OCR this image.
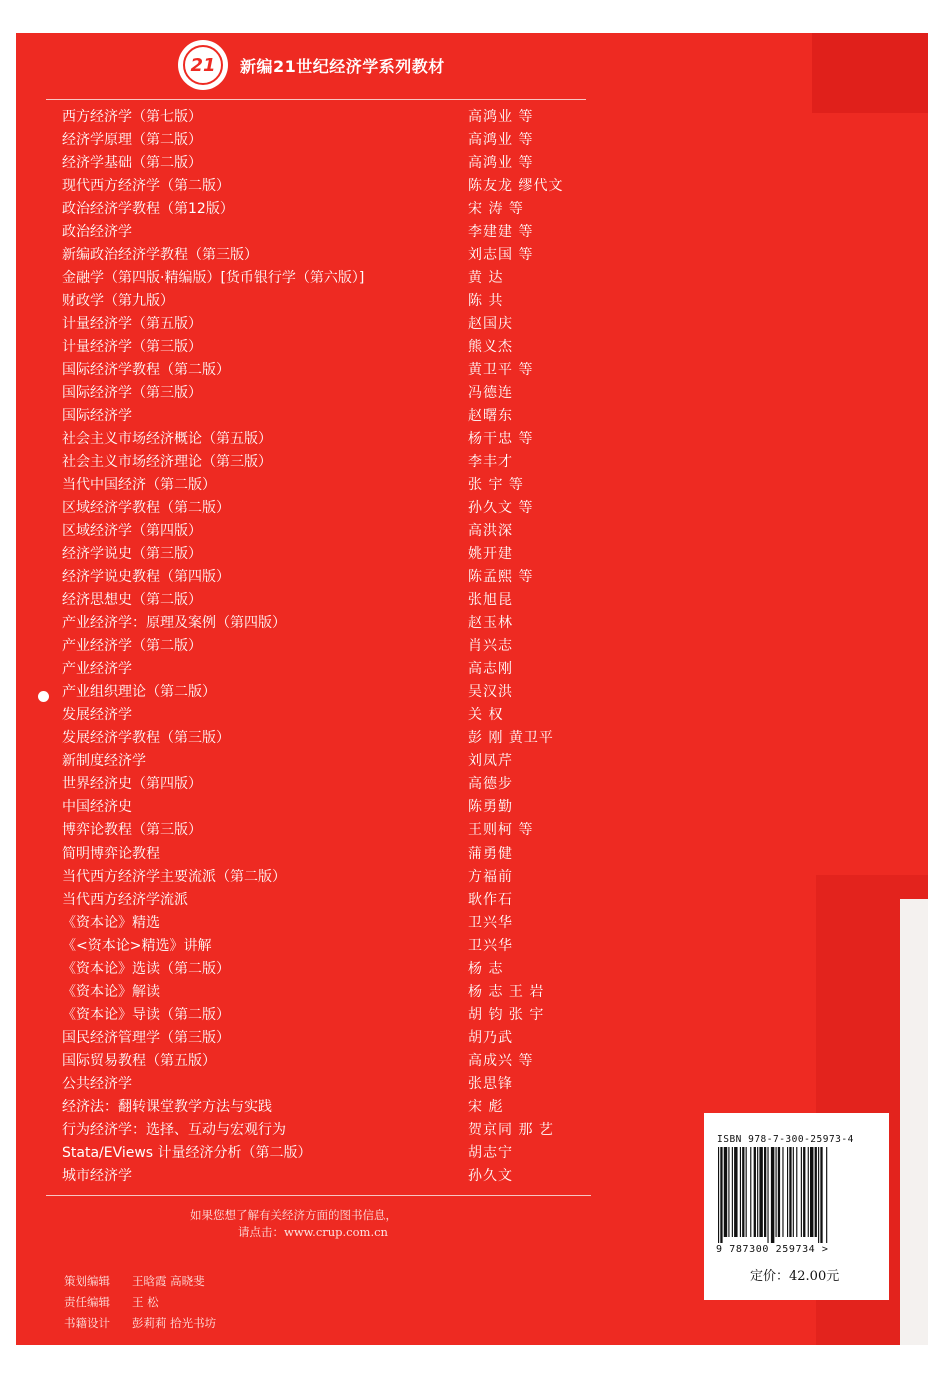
21	新编21世纪经济学系列教材
西方经济学（第七版）	高鸿业 等
经济学原理（第二版）	高鸿业 等
经济学基础（第二版）	高鸿业 等
现代西方经济学（第二版）	陈友龙 缪代文
政治经济学教程（第12版）	宋 涛 等
政治经济学	李建建 等
新编政治经济学教程（第三版）	刘志国 等
金融学（第四版·精编版）[货币银行学（第六版）]	黄 达
财政学（第九版）	陈 共
计量经济学（第五版）	赵国庆
计量经济学（第三版）	熊义杰
国际经济学教程（第二版）	黄卫平 等
国际经济学（第三版）	冯德连
国际经济学	赵曙东
社会主义市场经济概论（第五版）	杨干忠 等
社会主义市场经济理论（第三版）	李丰才
当代中国经济（第二版）	张 宇 等
区域经济学教程（第二版）	孙久文 等
区域经济学（第四版）	高洪深
经济学说史（第三版）	姚开建
经济学说史教程（第四版）	陈孟熙 等
经济思想史（第二版）	张旭昆
产业经济学：原理及案例（第四版）	赵玉林
产业经济学（第二版）	肖兴志
产业经济学	高志刚
产业组织理论（第二版）	吴汉洪
发展经济学	关 权
发展经济学教程（第三版）	彭 刚 黄卫平
新制度经济学	刘凤芹
世界经济史（第四版）	高德步
中国经济史	陈勇勤
博弈论教程（第三版）	王则柯 等
简明博弈论教程	蒲勇健
当代西方经济学主要流派（第二版）	方福前
当代西方经济学流派	耿作石
《资本论》精选	卫兴华
《<资本论>精选》讲解	卫兴华
《资本论》选读（第二版）	杨 志
《资本论》解读	杨 志 王 岩
《资本论》导读（第二版）	胡 钧 张 宇
国民经济管理学（第三版）	胡乃武
国际贸易教程（第五版）	高成兴 等
公共经济学	张思锋
经济法：翻转课堂教学方法与实践	宋 彪
行为经济学：选择、互动与宏观行为	贺京同 那 艺
Stata/EViews 计量经济分析（第二版）	胡志宁
城市经济学	孙久文
如果您想了解有关经济方面的图书信息，
请点击：www.crup.com.cn
策划编辑 王晗霞 高晓斐
责任编辑 王 松
书籍设计 彭莉莉 拾光书坊
ISBN 978-7-300-25973-4
9 787300 259734 >
定价：42.00元
